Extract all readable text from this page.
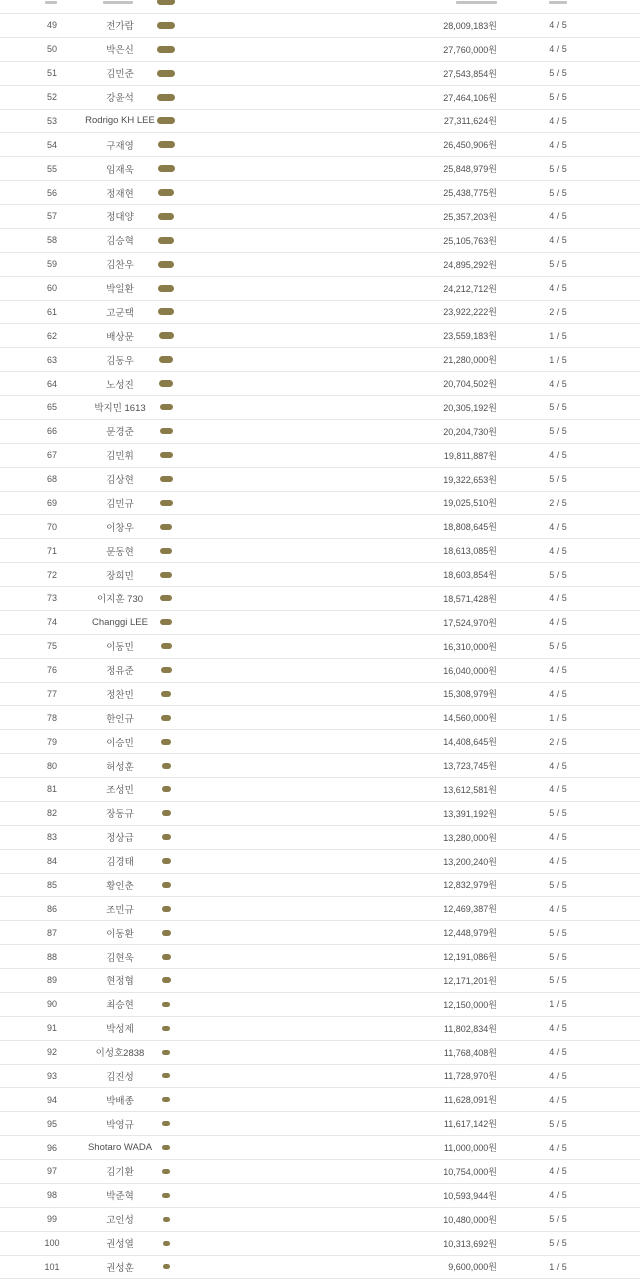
49	전가람	28,009,183원	4 / 5
50	박은신	27,760,000원	4 / 5
51	김민준	27,543,854원	5 / 5
52	강윤석	27,464,106원	5 / 5
53	Rodrigo KH LEE	27,311,624원	4 / 5
54	구재영	26,450,906원	4 / 5
55	임재욱	25,848,979원	5 / 5
56	정재현	25,438,775원	5 / 5
57	정대양	25,357,203원	4 / 5
58	김승혁	25,105,763원	4 / 5
59	김찬우	24,895,292원	5 / 5
60	박일환	24,212,712원	4 / 5
61	고군택	23,922,222원	2 / 5
62	배상문	23,559,183원	1 / 5
63	김동우	21,280,000원	1 / 5
64	노성진	20,704,502원	4 / 5
65	박지민 1613	20,305,192원	5 / 5
66	문경준	20,204,730원	5 / 5
67	김민휘	19,811,887원	4 / 5
68	김상현	19,322,653원	5 / 5
69	김민규	19,025,510원	2 / 5
70	이창우	18,808,645원	4 / 5
71	문동현	18,613,085원	4 / 5
72	장희민	18,603,854원	5 / 5
73	이지훈 730	18,571,428원	4 / 5
74	Changgi LEE	17,524,970원	4 / 5
75	이동민	16,310,000원	5 / 5
76	정유준	16,040,000원	4 / 5
77	정찬민	15,308,979원	4 / 5
78	한인규	14,560,000원	1 / 5
79	이승민	14,408,645원	2 / 5
80	허성훈	13,723,745원	4 / 5
81	조성민	13,612,581원	4 / 5
82	장동규	13,391,192원	5 / 5
83	정상급	13,280,000원	4 / 5
84	김경태	13,200,240원	4 / 5
85	황인춘	12,832,979원	5 / 5
86	조민규	12,469,387원	4 / 5
87	이동환	12,448,979원	5 / 5
88	김현욱	12,191,086원	5 / 5
89	현정협	12,171,201원	5 / 5
90	최승현	12,150,000원	1 / 5
91	박성제	11,802,834원	4 / 5
92	이성호2838	11,768,408원	4 / 5
93	김진성	11,728,970원	4 / 5
94	박배종	11,628,091원	4 / 5
95	박영규	11,617,142원	5 / 5
96	Shotaro WADA	11,000,000원	4 / 5
97	김기환	10,754,000원	4 / 5
98	박준혁	10,593,944원	4 / 5
99	고인성	10,480,000원	5 / 5
100	권성열	10,313,692원	5 / 5
101	권성훈	9,600,000원	1 / 5
